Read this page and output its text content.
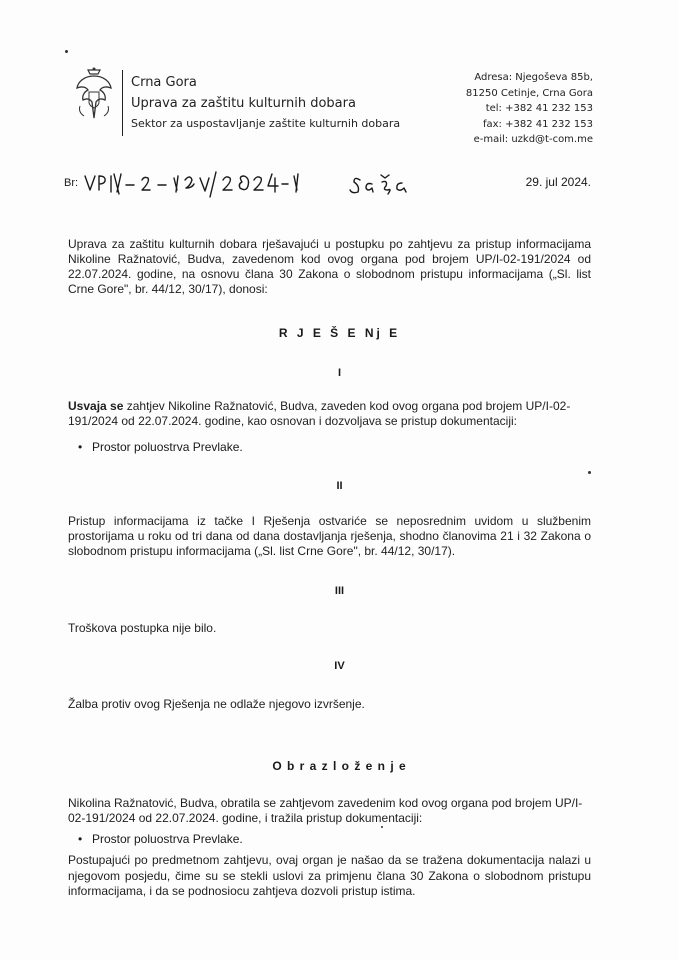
Crna Gora
Uprava za zaštitu kulturnih dobara
Sektor za uspostavljanje zaštite kulturnih dobara
Adresa: Njegoševa 85b,
81250 Cetinje, Crna Gora
tel: +382 41 232 153
fax: +382 41 232 153
e-mail: uzkd@t-com.me
Br:	29. jul 2024.

Uprava za zaštitu kulturnih dobara rješavajući u postupku po zahtjevu za pristup informacijama Nikoline Ražnatović, Budva, zavedenom kod ovog organa pod brojem UP/I-02-191/2024 od 22.07.2024. godine, na osnovu člana 30 Zakona o slobodnom pristupu informacijama („Sl. list Crne Gore", br. 44/12, 30/17), donosi:

R J E Š E Nj E
I

Usvaja se zahtjev Nikoline Ražnatović, Budva, zaveden kod ovog organa pod brojem UP/I-02-191/2024 od 22.07.2024. godine, kao osnovan i dozvoljava se pristup dokumentaciji:

• Prostor poluostrva Prevlake.
II

Pristup informacijama iz tačke I Rješenja ostvariće se neposrednim uvidom u službenim prostorijama u roku od tri dana od dana dostavljanja rješenja, shodno članovima 21 i 32 Zakona o slobodnom pristupu informacijama („Sl. list Crne Gore", br. 44/12, 30/17).

III

Troškova postupka nije bilo.

IV

Žalba protiv ovog Rješenja ne odlaže njegovo izvršenje.

O b r a z l o ž e n j e

Nikolina Ražnatović, Budva, obratila se zahtjevom zavedenim kod ovog organa pod brojem UP/I-02-191/2024 od 22.07.2024. godine, i tražila pristup dokumentaciji:

• Prostor poluostrva Prevlake.

Postupajući po predmetnom zahtjevu, ovaj organ je našao da se tražena dokumentacija nalazi u njegovom posjedu, čime su se stekli uslovi za primjenu člana 30 Zakona o slobodnom pristupu informacijama, i da se podnosiocu zahtjeva dozvoli pristup istima.
